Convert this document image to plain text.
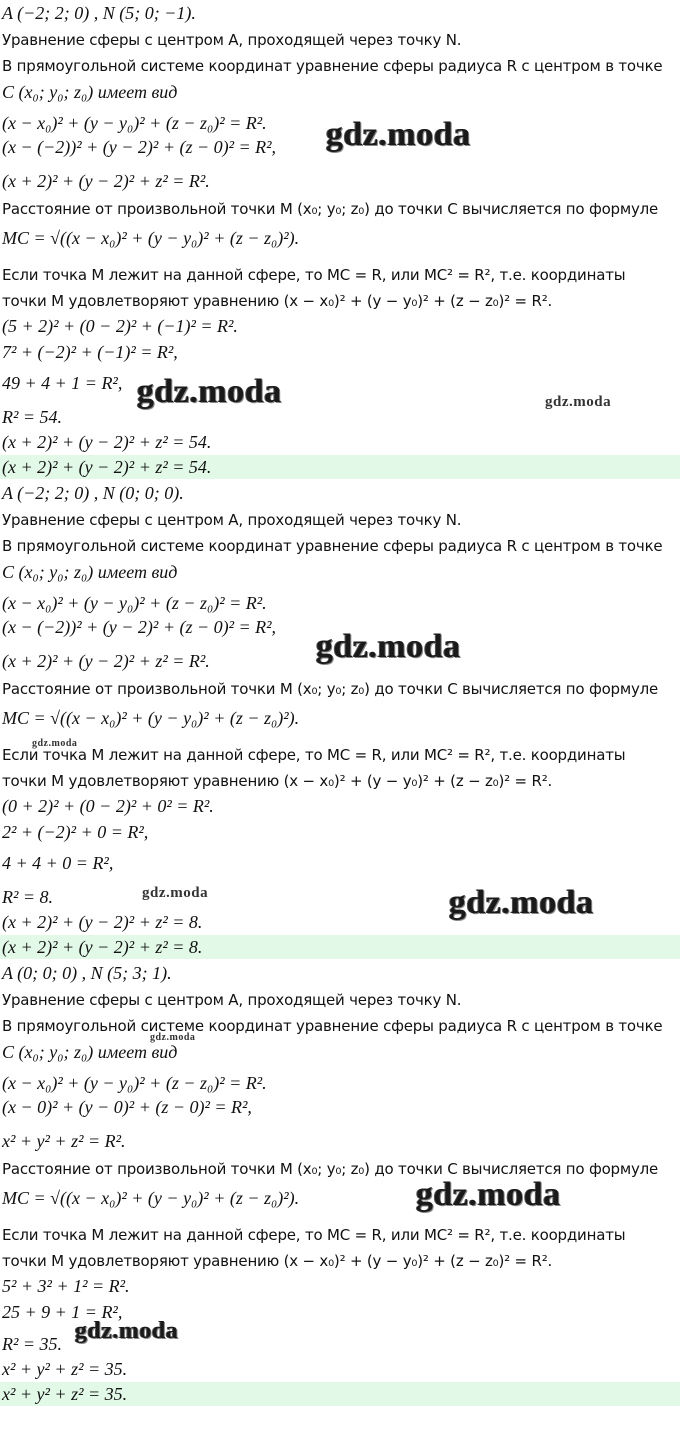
A (−2; 2; 0) , N (5; 0; −1).
Уравнение сферы с центром A, проходящей через точку N.
В прямоугольной системе координат уравнение сферы радиуса R с центром в точке
C (x₀; y₀; z₀) имеет вид
(x − x₀)² + (y − y₀)² + (z − z₀)² = R².
(x − (−2))² + (y − 2)² + (z − 0)² = R²,
(x + 2)² + (y − 2)² + z² = R².
Расстояние от произвольной точки M (x₀; y₀; z₀) до точки C вычисляется по формуле
MC = √((x − x₀)² + (y − y₀)² + (z − z₀)²).
Если точка M лежит на данной сфере, то MC = R, или MC² = R², т.е. координаты
точки M удовлетворяют уравнению (x − x₀)² + (y − y₀)² + (z − z₀)² = R².
(5 + 2)² + (0 − 2)² + (−1)² = R².
7² + (−2)² + (−1)² = R²,
49 + 4 + 1 = R²,
R² = 54.
(x + 2)² + (y − 2)² + z² = 54.
(x + 2)² + (y − 2)² + z² = 54.
A (−2; 2; 0) , N (0; 0; 0).
Уравнение сферы с центром A, проходящей через точку N.
В прямоугольной системе координат уравнение сферы радиуса R с центром в точке
C (x₀; y₀; z₀) имеет вид
(x − x₀)² + (y − y₀)² + (z − z₀)² = R².
(x − (−2))² + (y − 2)² + (z − 0)² = R²,
(x + 2)² + (y − 2)² + z² = R².
Расстояние от произвольной точки M (x₀; y₀; z₀) до точки C вычисляется по формуле
MC = √((x − x₀)² + (y − y₀)² + (z − z₀)²).
Если точка M лежит на данной сфере, то MC = R, или MC² = R², т.е. координаты
точки M удовлетворяют уравнению (x − x₀)² + (y − y₀)² + (z − z₀)² = R².
(0 + 2)² + (0 − 2)² + 0² = R².
2² + (−2)² + 0 = R²,
4 + 4 + 0 = R²,
R² = 8.
(x + 2)² + (y − 2)² + z² = 8.
(x + 2)² + (y − 2)² + z² = 8.
A (0; 0; 0) , N (5; 3; 1).
Уравнение сферы с центром A, проходящей через точку N.
В прямоугольной системе координат уравнение сферы радиуса R с центром в точке
C (x₀; y₀; z₀) имеет вид
(x − x₀)² + (y − y₀)² + (z − z₀)² = R².
(x − 0)² + (y − 0)² + (z − 0)² = R²,
x² + y² + z² = R².
Расстояние от произвольной точки M (x₀; y₀; z₀) до точки C вычисляется по формуле
MC = √((x − x₀)² + (y − y₀)² + (z − z₀)²).
Если точка M лежит на данной сфере, то MC = R, или MC² = R², т.е. координаты
точки M удовлетворяют уравнению (x − x₀)² + (y − y₀)² + (z − z₀)² = R².
5² + 3² + 1² = R².
25 + 9 + 1 = R²,
R² = 35.
x² + y² + z² = 35.
x² + y² + z² = 35.
gdz.moda
gdz.moda	gdz.moda
gdz.moda
gdz.moda
gdz.moda	gdz.moda
gdz.moda
gdz.moda
gdz.moda
